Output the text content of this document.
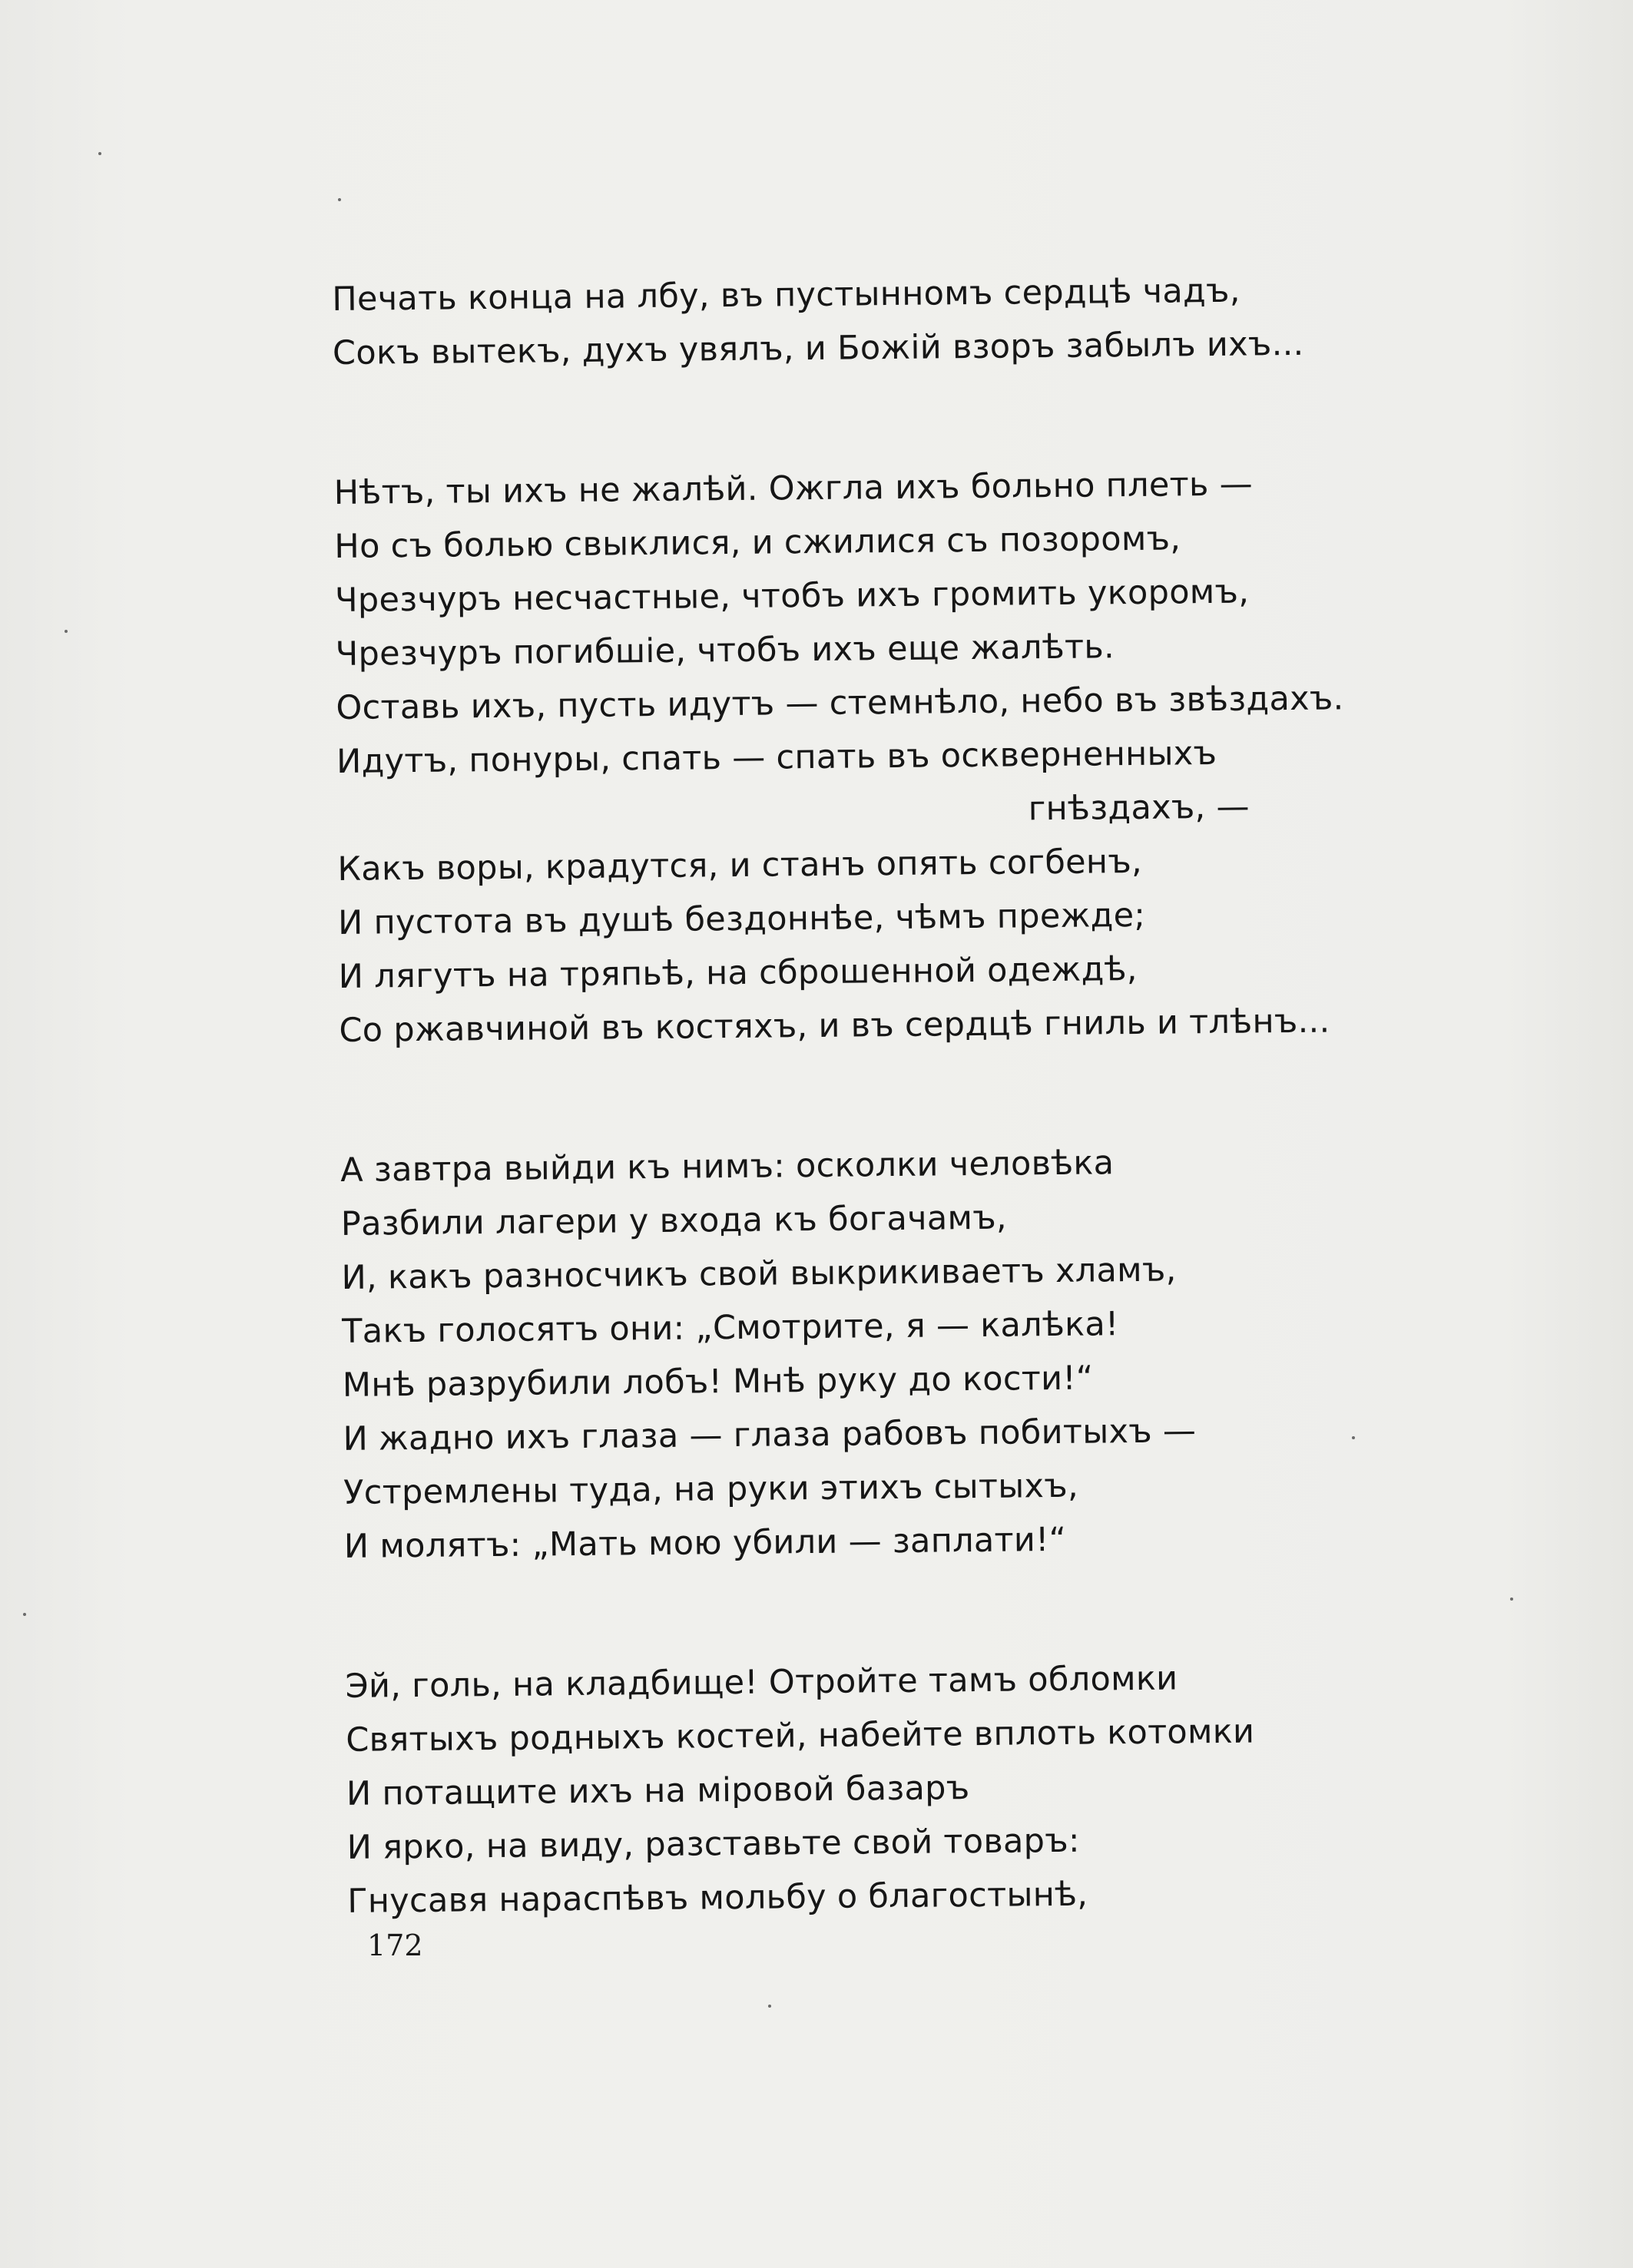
Печать конца на лбу, въ пустынномъ сердцѣ чадъ,
Сокъ вытекъ, духъ увялъ, и Божій взоръ забылъ ихъ...
Нѣтъ, ты ихъ не жалѣй. Ожгла ихъ больно плеть —
Но съ болью свыклися, и сжилися съ позоромъ,
Чрезчуръ несчастные, чтобъ ихъ громить укоромъ,
Чрезчуръ погибшіе, чтобъ ихъ еще жалѣть.
Оставь ихъ, пусть идутъ — стемнѣло, небо въ звѣздахъ.
Идутъ, понуры, спать — спать въ оскверненныхъ
гнѣздахъ, —
Какъ воры, крадутся, и станъ опять согбенъ,
И пустота въ душѣ бездоннѣе, чѣмъ прежде;
И лягутъ на тряпьѣ, на сброшенной одеждѣ,
Со ржавчиной въ костяхъ, и въ сердцѣ гниль и тлѣнъ...
А завтра выйди къ нимъ: осколки человѣка
Разбили лагери у входа къ богачамъ,
И, какъ разносчикъ свой выкрикиваетъ хламъ,
Такъ голосятъ они: „Смотрите, я — калѣка!
Мнѣ разрубили лобъ! Мнѣ руку до кости!“
И жадно ихъ глаза — глаза рабовъ побитыхъ —
Устремлены туда, на руки этихъ сытыхъ,
И молятъ: „Мать мою убили — заплати!“
Эй, голь, на кладбище! Отройте тамъ обломки
Святыхъ родныхъ костей, набейте вплоть котомки
И потащите ихъ на міровой базаръ
И ярко, на виду, разставьте свой товаръ:
Гнусавя нараспѣвъ мольбу о благостынѣ,
172
